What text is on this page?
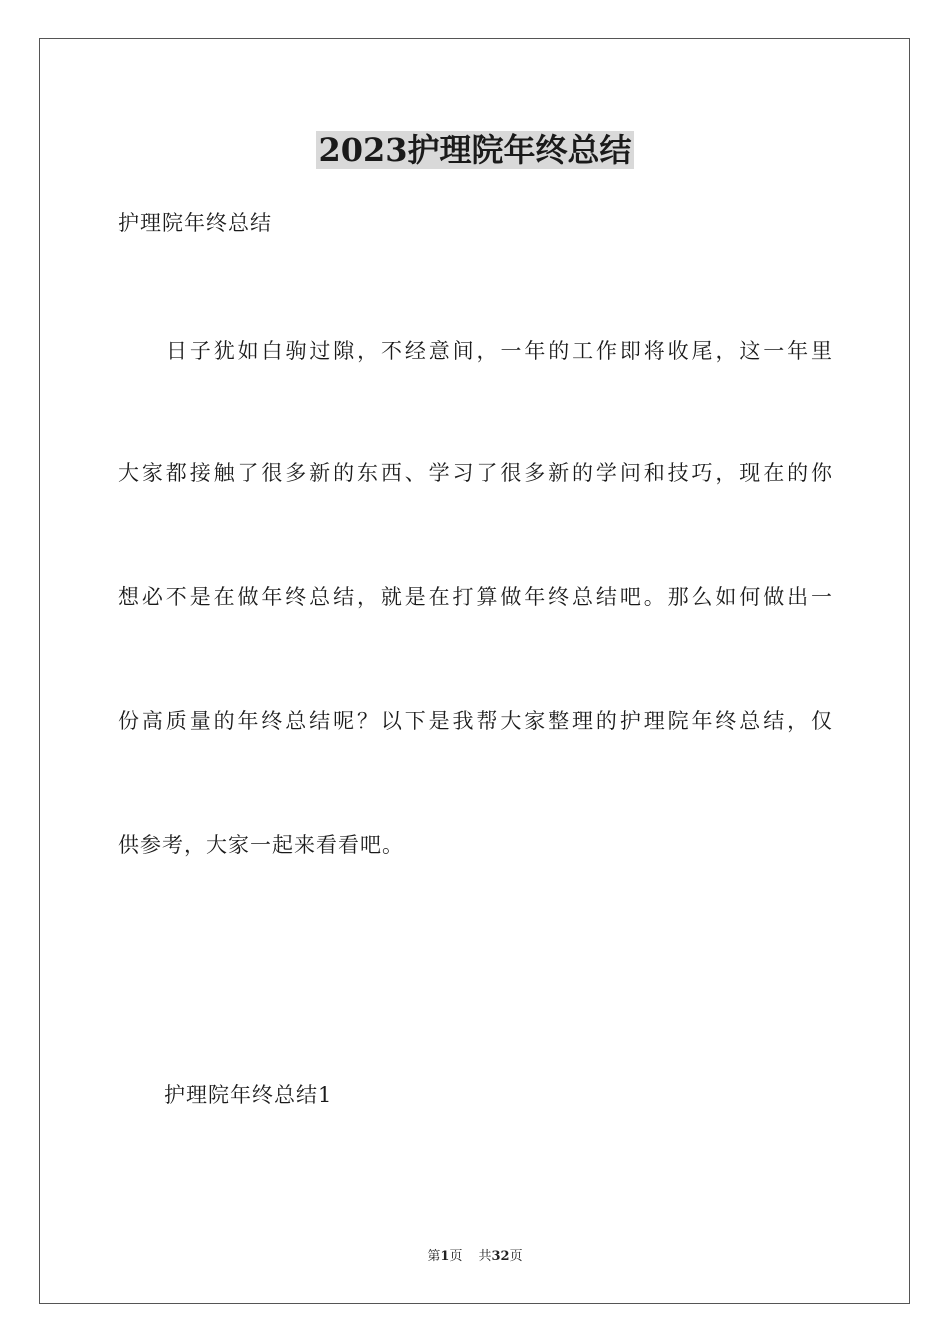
2023护理院年终总结

护理院年终总结

日子犹如白驹过隙，不经意间，一年的工作即将收尾，这一年里

大家都接触了很多新的东西、学习了很多新的学问和技巧，现在的你

想必不是在做年终总结，就是在打算做年终总结吧。那么如何做出一

份高质量的年终总结呢？以下是我帮大家整理的护理院年终总结，仅

供参考，大家一起来看看吧。

护理院年终总结1

第1页 共32页
